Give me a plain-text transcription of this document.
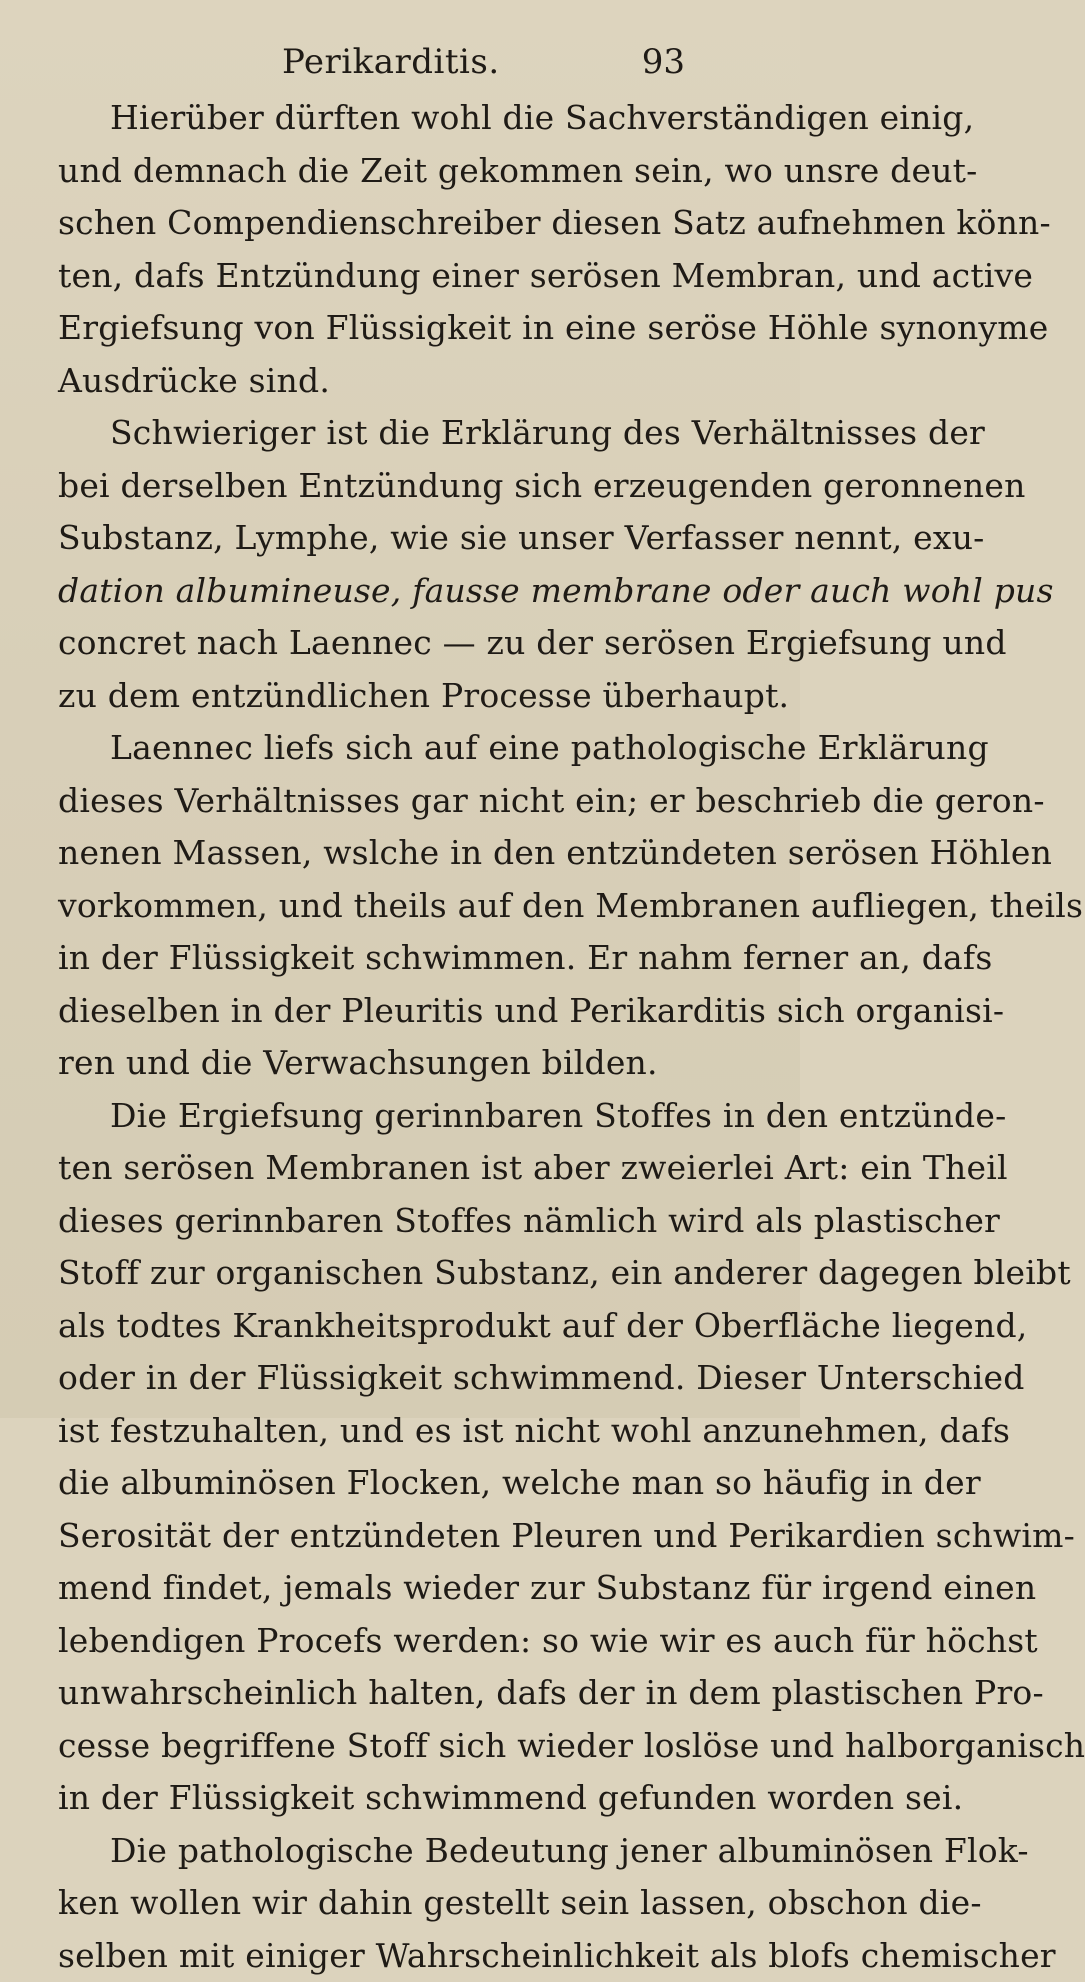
Perikarditis.	93
Hierüber dürften wohl die Sachverständigen einig,
und demnach die Zeit gekommen sein, wo unsre deut-
schen Compendienschreiber diesen Satz aufnehmen könn-
ten, dafs Entzündung einer serösen Membran, und active
Ergiefsung von Flüssigkeit in eine seröse Höhle synonyme
Ausdrücke sind.
Schwieriger ist die Erklärung des Verhältnisses der
bei derselben Entzündung sich erzeugenden geronnenen
Substanz, Lymphe, wie sie unser Verfasser nennt, exu-
dation albumineuse, fausse membrane oder auch wohl pus
concret nach Laennec — zu der serösen Ergiefsung und
zu dem entzündlichen Processe überhaupt.
Laennec liefs sich auf eine pathologische Erklärung
dieses Verhältnisses gar nicht ein; er beschrieb die geron-
nenen Massen, wslche in den entzündeten serösen Höhlen
vorkommen, und theils auf den Membranen aufliegen, theils
in der Flüssigkeit schwimmen. Er nahm ferner an, dafs
dieselben in der Pleuritis und Perikarditis sich organisi-
ren und die Verwachsungen bilden.
Die Ergiefsung gerinnbaren Stoffes in den entzünde-
ten serösen Membranen ist aber zweierlei Art: ein Theil
dieses gerinnbaren Stoffes nämlich wird als plastischer
Stoff zur organischen Substanz, ein anderer dagegen bleibt
als todtes Krankheitsprodukt auf der Oberfläche liegend,
oder in der Flüssigkeit schwimmend. Dieser Unterschied
ist festzuhalten, und es ist nicht wohl anzunehmen, dafs
die albuminösen Flocken, welche man so häufig in der
Serosität der entzündeten Pleuren und Perikardien schwim-
mend findet, jemals wieder zur Substanz für irgend einen
lebendigen Procefs werden: so wie wir es auch für höchst
unwahrscheinlich halten, dafs der in dem plastischen Pro-
cesse begriffene Stoff sich wieder loslöse und halborganisch
in der Flüssigkeit schwimmend gefunden worden sei.
Die pathologische Bedeutung jener albuminösen Flok-
ken wollen wir dahin gestellt sein lassen, obschon die-
selben mit einiger Wahrscheinlichkeit als blofs chemischer
